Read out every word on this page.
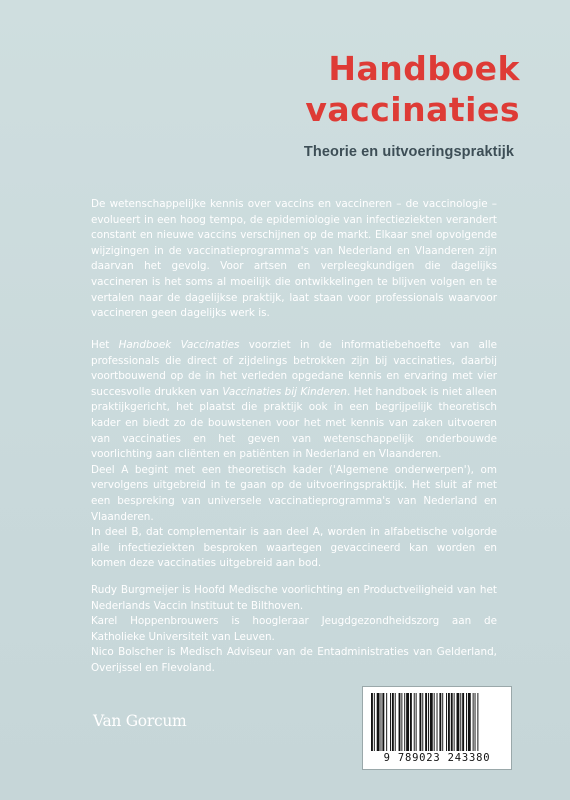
Handboek
vaccinaties
Theorie en uitvoeringspraktijk

De wetenschappelijke kennis over vaccins en vaccineren – de vaccinologie – evolueert in een hoog tempo, de epidemiologie van infectieziekten verandert constant en nieuwe vaccins verschijnen op de markt. Elkaar snel opvolgende wijzigingen in de vaccinatieprogramma's van Nederland en Vlaanderen zijn daarvan het gevolg. Voor artsen en verpleegkundigen die dagelijks vaccineren is het soms al moeilijk die ontwikkelingen te blijven volgen en te vertalen naar de dagelijkse praktijk, laat staan voor professionals waarvoor vaccineren geen dagelijks werk is.

Het Handboek Vaccinaties voorziet in de informatiebehoefte van alle professionals die direct of zijdelings betrokken zijn bij vaccinaties, daarbij voortbouwend op de in het verleden opgedane kennis en ervaring met vier succesvolle drukken van Vaccinaties bij Kinderen. Het handboek is niet alleen praktijkgericht, het plaatst die praktijk ook in een begrijpelijk theoretisch kader en biedt zo de bouwstenen voor het met kennis van zaken uitvoeren van vaccinaties en het geven van wetenschappelijk onderbouwde voorlichting aan cliënten en patiënten in Nederland en Vlaanderen.

Deel A begint met een theoretisch kader ('Algemene onderwerpen'), om vervolgens uitgebreid in te gaan op de uitvoeringspraktijk. Het sluit af met een bespreking van universele vaccinatieprogramma's van Nederland en Vlaanderen.

In deel B, dat complementair is aan deel A, worden in alfabetische volgorde alle infectieziekten besproken waartegen gevaccineerd kan worden en komen deze vaccinaties uitgebreid aan bod.

Rudy Burgmeijer is Hoofd Medische voorlichting en Productveiligheid van het Nederlands Vaccin Instituut te Bilthoven.

Karel Hoppenbrouwers is hoogleraar Jeugdgezondheidszorg aan de Katholieke Universiteit van Leuven.

Nico Bolscher is Medisch Adviseur van de Entadministraties van Gelderland, Overijssel en Flevoland.

Van Gorcum
9 789023 243380
